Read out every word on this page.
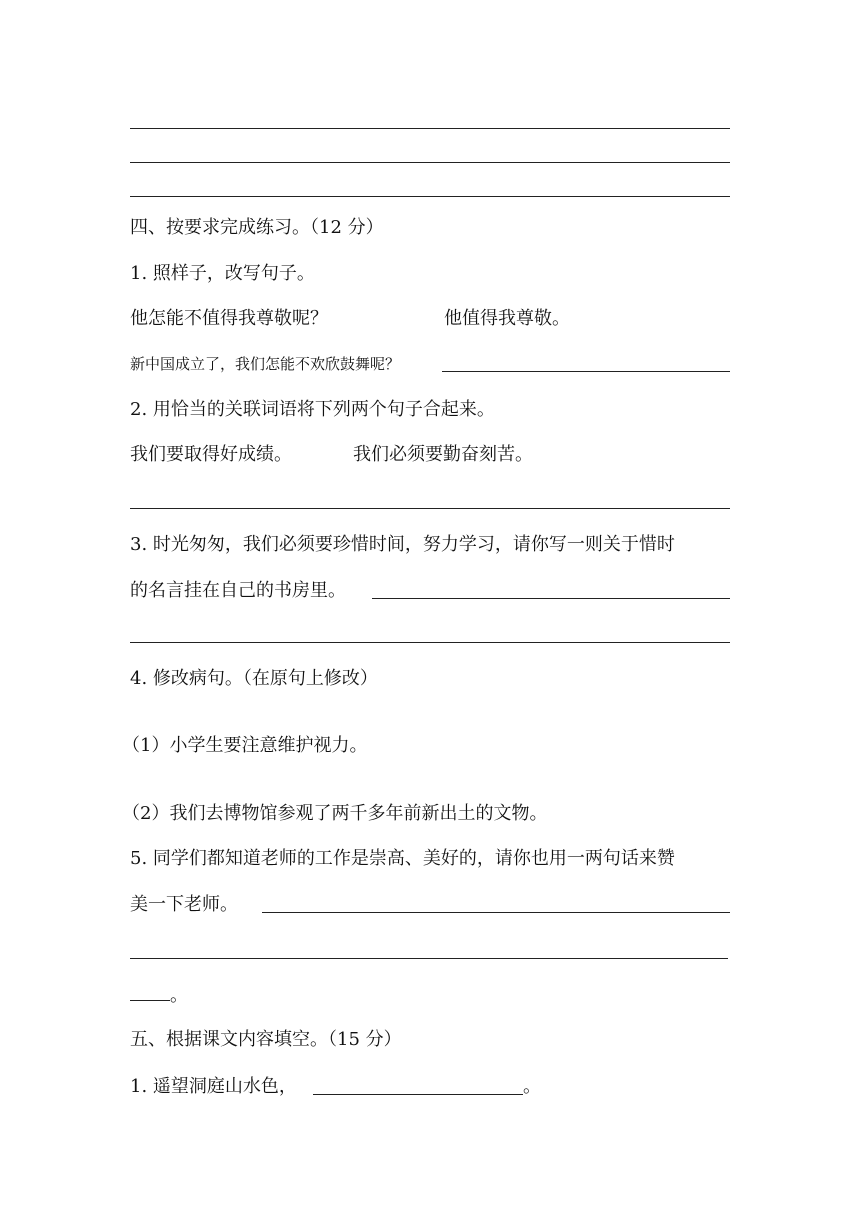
四、按要求完成练习。（12 分）
1. 照样子，改写句子。
他怎能不值得我尊敬呢？	他值得我尊敬。
新中国成立了，我们怎能不欢欣鼓舞呢？
2. 用恰当的关联词语将下列两个句子合起来。
我们要取得好成绩。	我们必须要勤奋刻苦。
3. 时光匆匆，我们必须要珍惜时间，努力学习，请你写一则关于惜时
的名言挂在自己的书房里。
4. 修改病句。（在原句上修改）
（1）小学生要注意维护视力。
（2）我们去博物馆参观了两千多年前新出土的文物。
5. 同学们都知道老师的工作是崇高、美好的，请你也用一两句话来赞
美一下老师。
。
五、根据课文内容填空。（15 分）
1. 遥望洞庭山水色，	。
